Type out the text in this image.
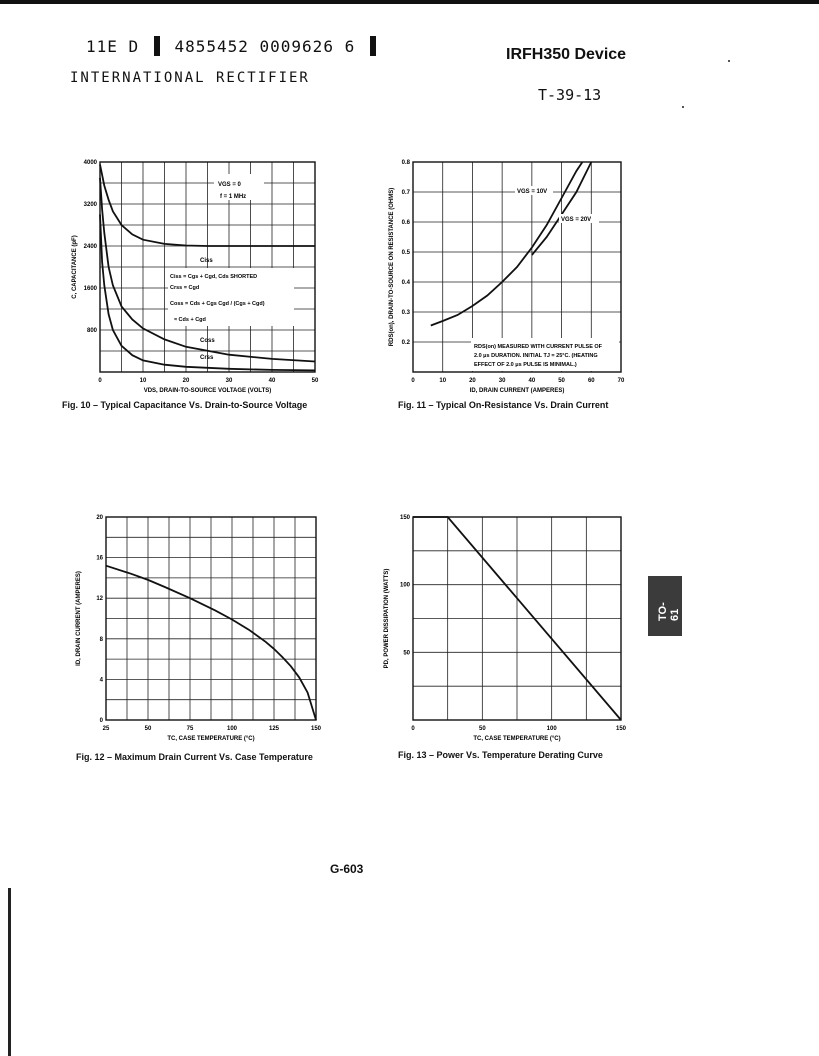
11E D 4855452 0009626 6
INTERNATIONAL RECTIFIER
IRFH350 Device
T-39-13
0	10	20	30	40	50
800
1600
2400
3200
4000
VDS, DRAIN-TO-SOURCE VOLTAGE (VOLTS)
C, CAPACITANCE (pF)
VGS = 0
f = 1 MHz
Ciss = Cgs + Cgd, Cds SHORTED
Crss = Cgd
Coss = Cds + Cgs Cgd / (Cgs + Cgd)
≈ Cds + Cgd
Ciss
Coss
Crss
Fig. 10 – Typical Capacitance Vs. Drain-to-Source Voltage
0	10	20	30	40	50	60	70
0.2
0.3
0.4
0.5
0.6
0.7
0.8
ID, DRAIN CURRENT (AMPERES)
RDS(on), DRAIN-TO-SOURCE ON RESISTANCE (OHMS)	VGS = 10V
VGS = 20V
RDS(on) MEASURED WITH CURRENT PULSE OF
2.0 μs DURATION. INITIAL TJ = 25°C. (HEATING
EFFECT OF 2.0 μs PULSE IS MINIMAL.)
Fig. 11 – Typical On-Resistance Vs. Drain Current
25	50	75	100	125	150
0
4
8
12
16
20
TC, CASE TEMPERATURE (°C)
ID, DRAIN CURRENT (AMPERES)
Fig. 12 – Maximum Drain Current Vs. Case Temperature
0	50	100	150
50
100
150
TC, CASE TEMPERATURE (°C)
PD, POWER DISSIPATION (WATTS)
Fig. 13 – Power Vs. Temperature Derating Curve
TO-61
G-603
